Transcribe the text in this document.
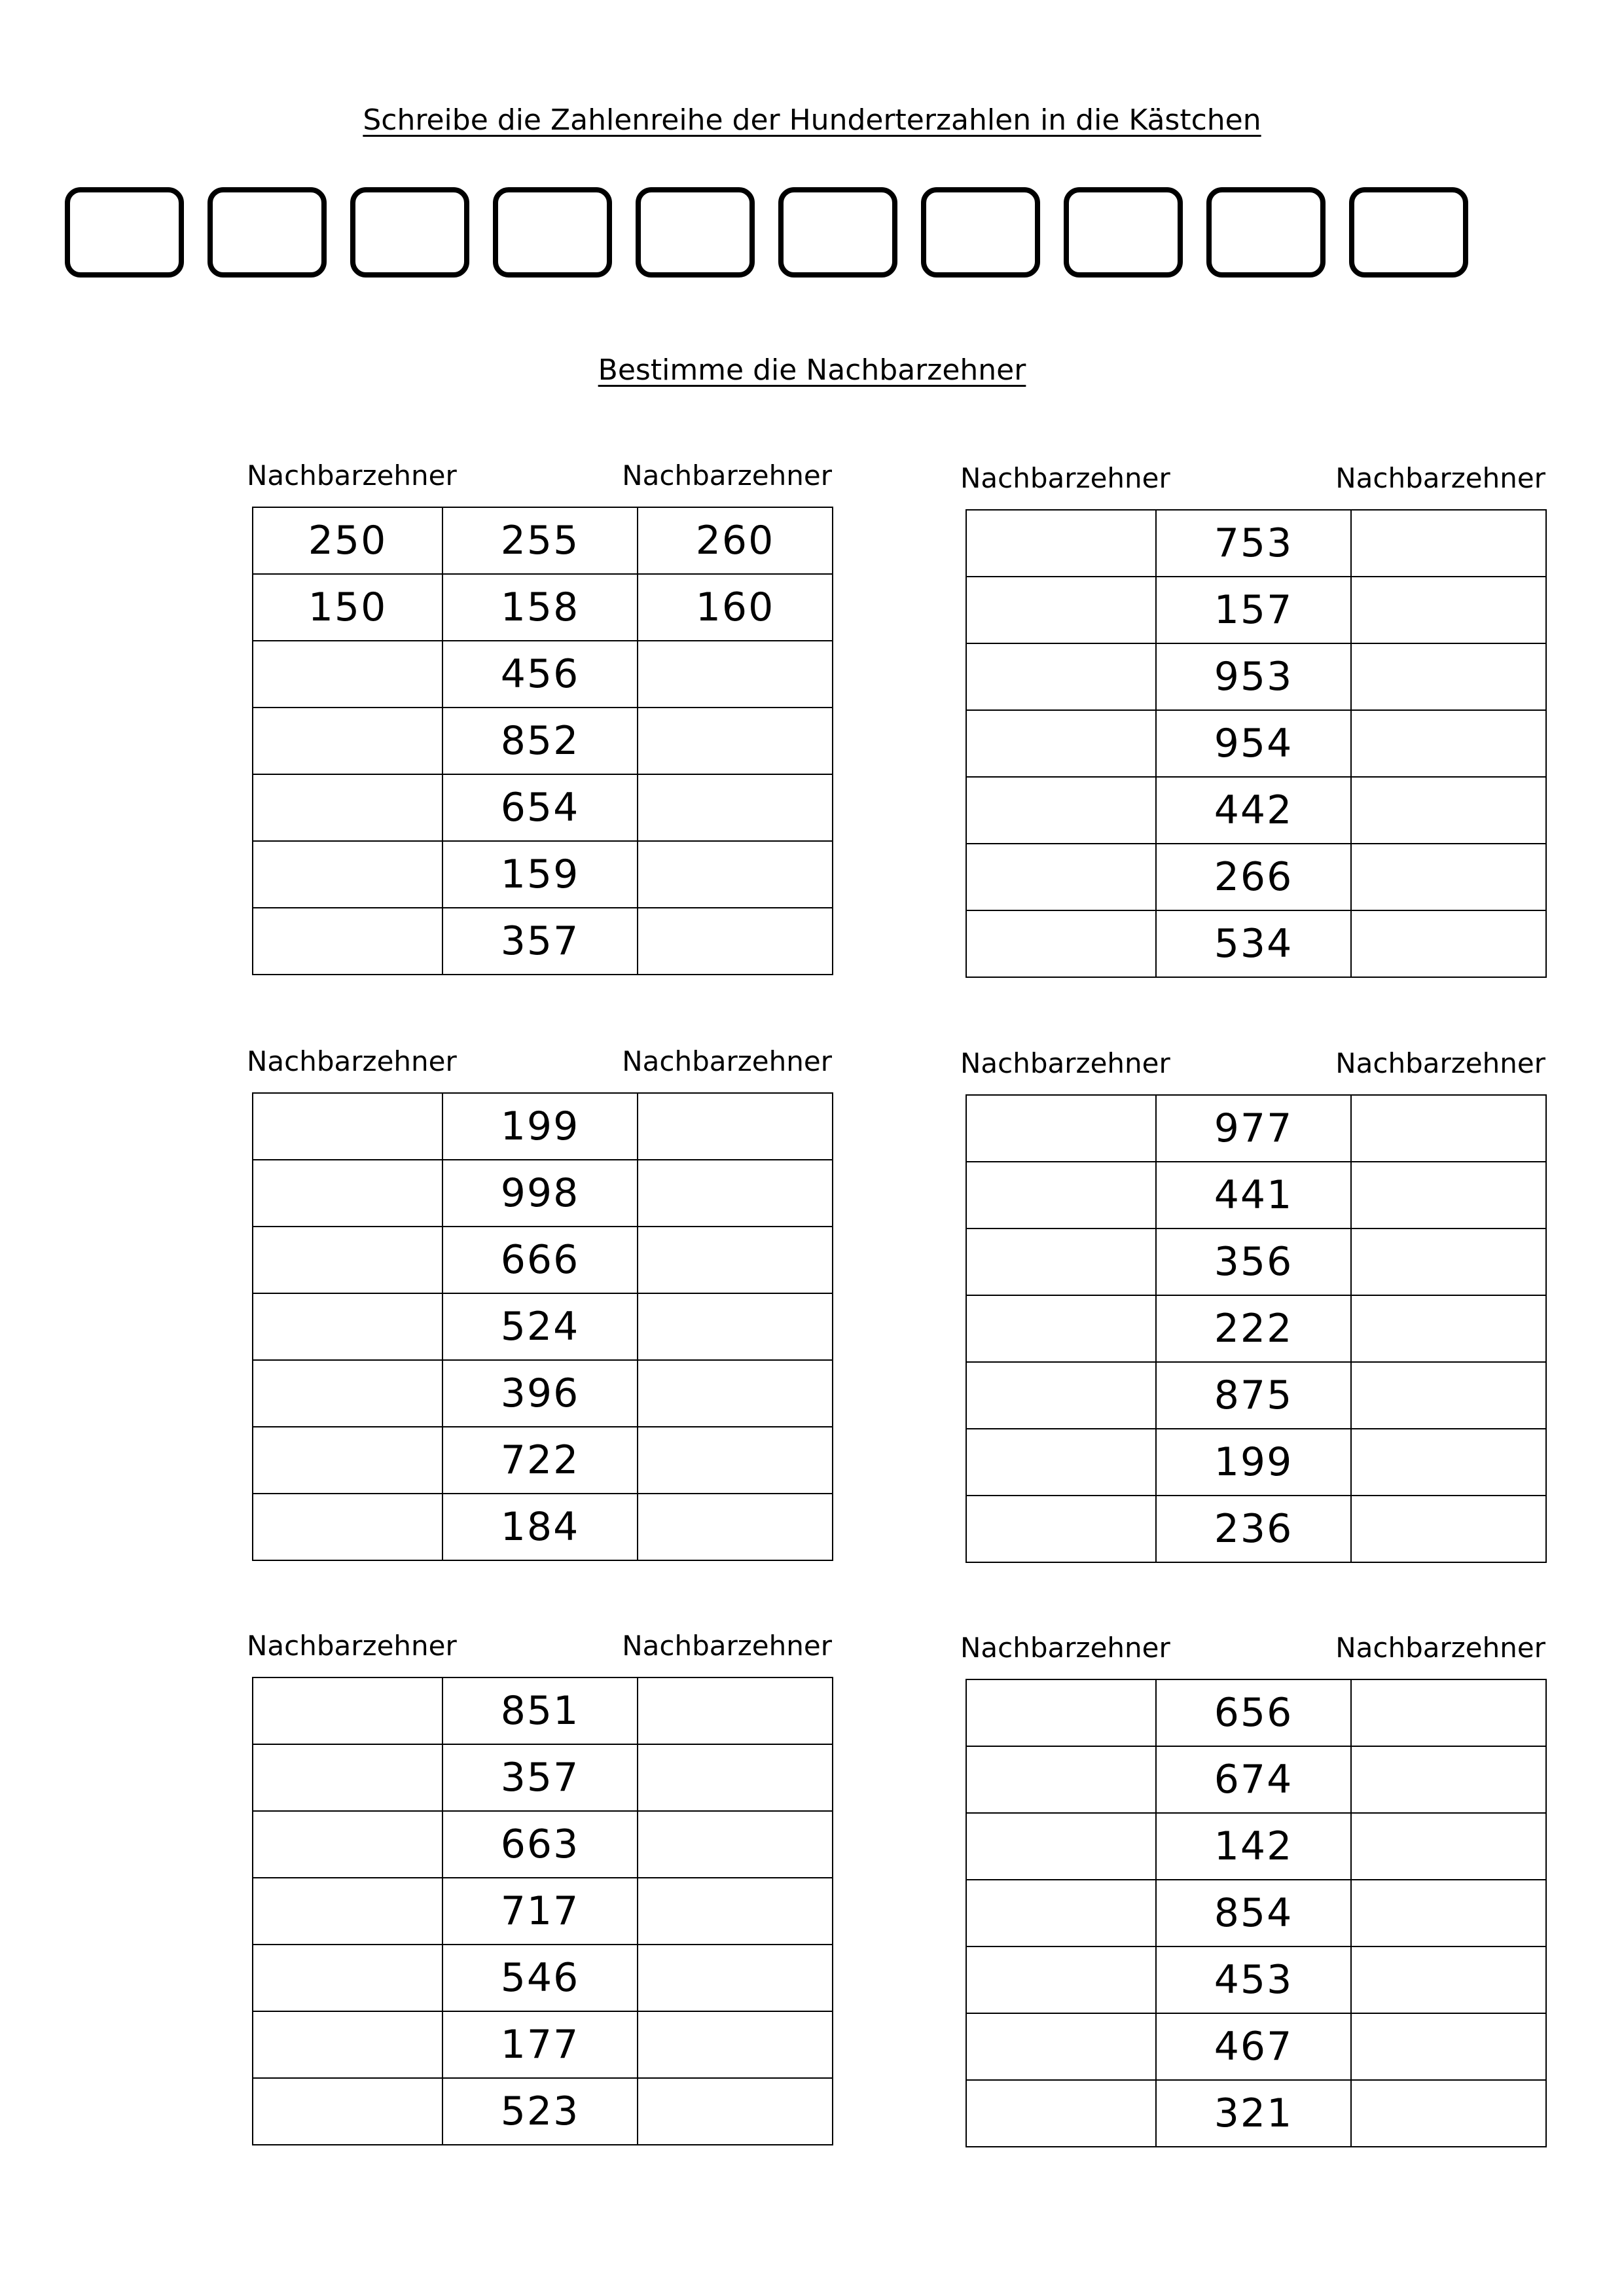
Schreibe die Zahlenreihe der Hunderterzahlen in die Kästchen
Bestimme die Nachbarzehner
Nachbarzehner	Nachbarzehner
250	255	260
150	158	160
	456	
	852	
	654	
	159	
	357	
Nachbarzehner	Nachbarzehner
	753	
	157	
	953	
	954	
	442	
	266	
	534	
Nachbarzehner	Nachbarzehner
	199	
	998	
	666	
	524	
	396	
	722	
	184	
Nachbarzehner	Nachbarzehner
	977	
	441	
	356	
	222	
	875	
	199	
	236	
Nachbarzehner	Nachbarzehner
	851	
	357	
	663	
	717	
	546	
	177	
	523	
Nachbarzehner	Nachbarzehner
	656	
	674	
	142	
	854	
	453	
	467	
	321	
